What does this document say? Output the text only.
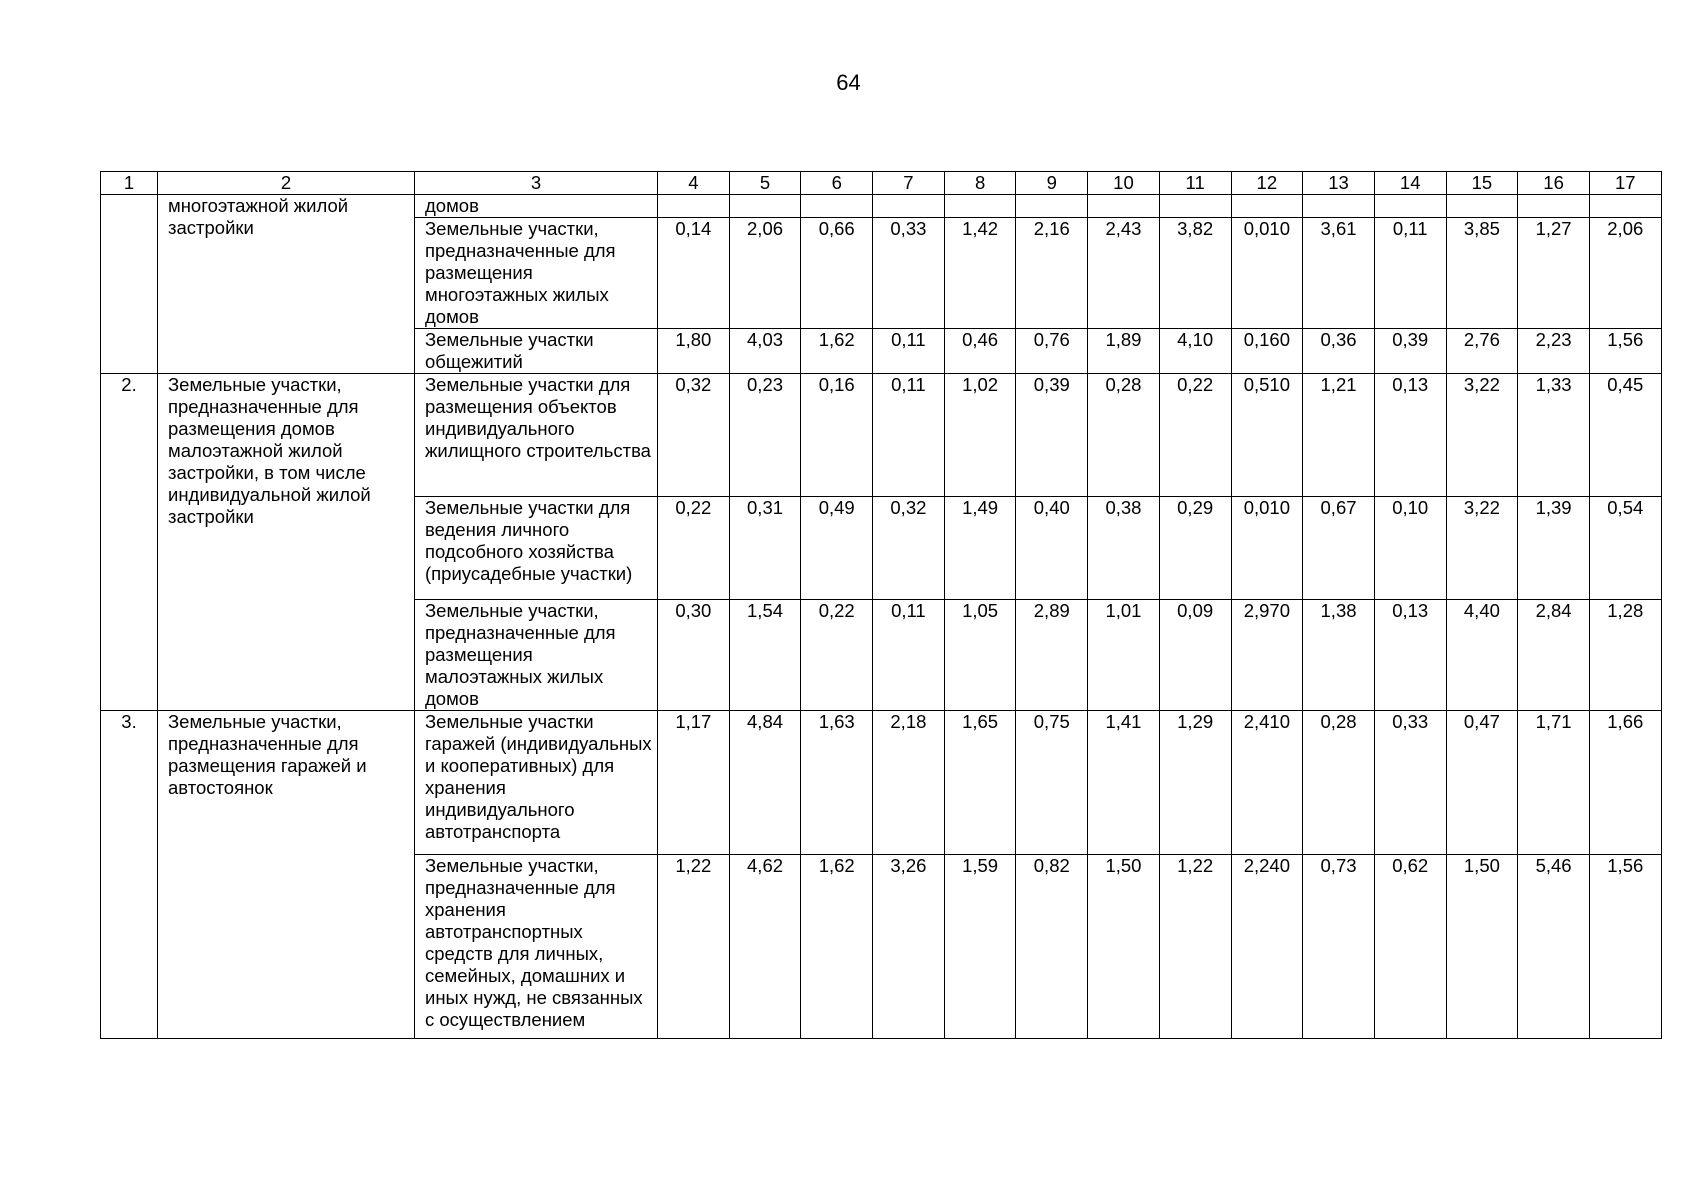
64
1	2	3	4	5	6	7	8	9	10	11	12	13	14	15	16	17
	многоэтажной жилой застройки	домов														
		Земельные участки, предназначенные для размещения многоэтажных жилых домов	0,14	2,06	0,66	0,33	1,42	2,16	2,43	3,82	0,010	3,61	0,11	3,85	1,27	2,06
		Земельные участки общежитий	1,80	4,03	1,62	0,11	0,46	0,76	1,89	4,10	0,160	0,36	0,39	2,76	2,23	1,56
2.	Земельные участки, предназначенные для размещения домов малоэтажной жилой застройки, в том числе индивидуальной жилой застройки	Земельные участки для размещения объектов индивидуального жилищного строительства	0,32	0,23	0,16	0,11	1,02	0,39	0,28	0,22	0,510	1,21	0,13	3,22	1,33	0,45
		Земельные участки для ведения личного подсобного хозяйства (приусадебные участки)	0,22	0,31	0,49	0,32	1,49	0,40	0,38	0,29	0,010	0,67	0,10	3,22	1,39	0,54
		Земельные участки, предназначенные для размещения малоэтажных жилых домов	0,30	1,54	0,22	0,11	1,05	2,89	1,01	0,09	2,970	1,38	0,13	4,40	2,84	1,28
3.	Земельные участки, предназначенные для размещения гаражей и автостоянок	Земельные участки гаражей (индивидуальных и кооперативных) для хранения индивидуального автотранспорта	1,17	4,84	1,63	2,18	1,65	0,75	1,41	1,29	2,410	0,28	0,33	0,47	1,71	1,66
		Земельные участки, предназначенные для хранения автотранспортных средств для личных, семейных, домашних и иных нужд, не связанных с осуществлением	1,22	4,62	1,62	3,26	1,59	0,82	1,50	1,22	2,240	0,73	0,62	1,50	5,46	1,56
